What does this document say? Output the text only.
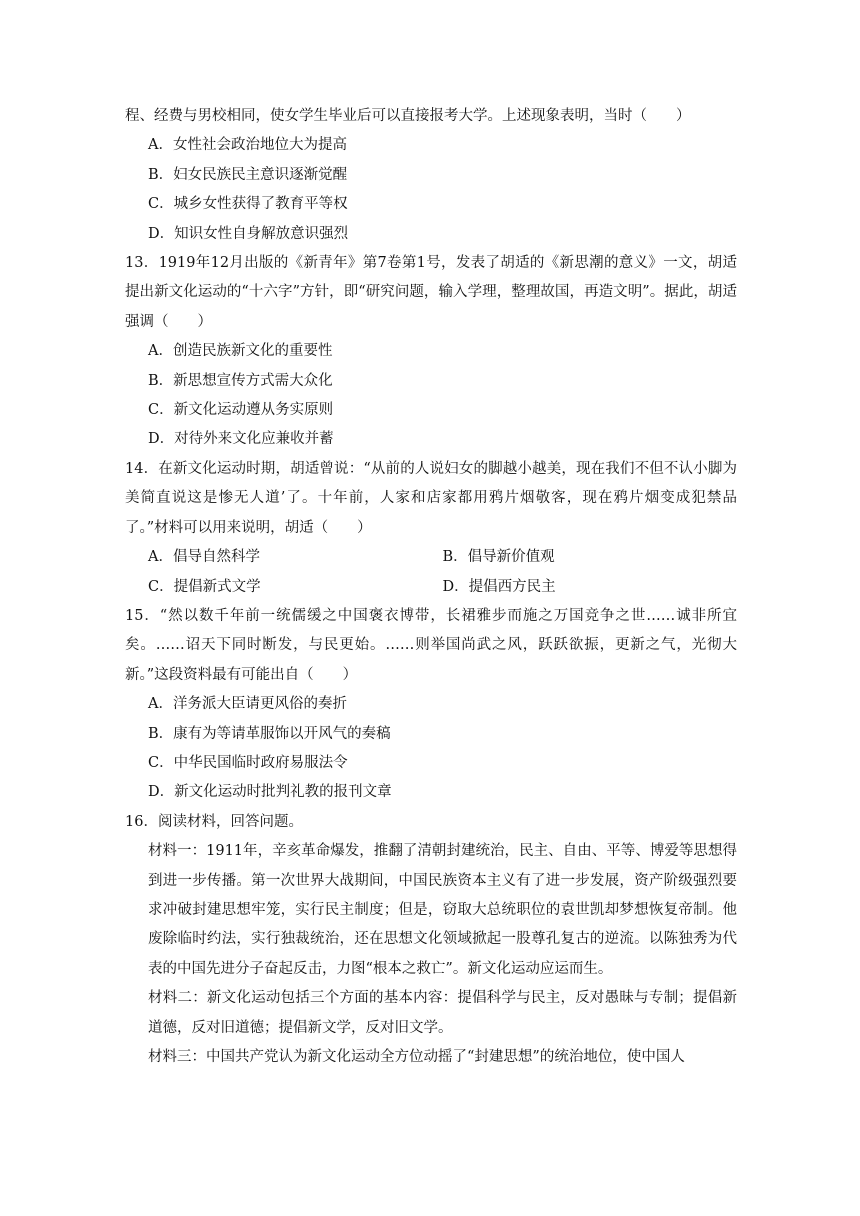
程、经费与男校相同，使女学生毕业后可以直接报考大学。上述现象表明，当时（　　）

A．女性社会政治地位大为提高

B．妇女民族民主意识逐渐觉醒

C．城乡女性获得了教育平等权

D．知识女性自身解放意识强烈

13．1919年12月出版的《新青年》第7卷第1号，发表了胡适的《新思潮的意义》一文，胡适提出新文化运动的“十六字”方针，即“研究问题，输入学理，整理故国，再造文明”。据此，胡适强调（　　）

A．创造民族新文化的重要性

B．新思想宣传方式需大众化

C．新文化运动遵从务实原则

D．对待外来文化应兼收并蓄

14．在新文化运动时期，胡适曾说：“从前的人说妇女的脚越小越美，现在我们不但不认小脚为美简直说这是惨无人道’了。十年前，人家和店家都用鸦片烟敬客，现在鸦片烟变成犯禁品了。”材料可以用来说明，胡适（　　）

A．倡导自然科学	B．倡导新价值观
C．提倡新式文学	D．提倡西方民主

15．“然以数千年前一统儒缓之中国褒衣博带，长裙雅步而施之万国竞争之世……诚非所宜矣。……诏天下同时断发，与民更始。……则举国尚武之风，跃跃欲振，更新之气，光彻大新。”这段资料最有可能出自（　　）

A．洋务派大臣请更风俗的奏折

B．康有为等请革服饰以开风气的奏稿

C．中华民国临时政府易服法令

D．新文化运动时批判礼教的报刊文章

16．阅读材料，回答问题。

材料一：1911年，辛亥革命爆发，推翻了清朝封建统治，民主、自由、平等、博爱等思想得到进一步传播。第一次世界大战期间，中国民族资本主义有了进一步发展，资产阶级强烈要求冲破封建思想牢笼，实行民主制度；但是，窃取大总统职位的袁世凯却梦想恢复帝制。他废除临时约法，实行独裁统治，还在思想文化领域掀起一股尊孔复古的逆流。以陈独秀为代表的中国先进分子奋起反击，力图“根本之救亡”。新文化运动应运而生。

材料二：新文化运动包括三个方面的基本内容：提倡科学与民主，反对愚昧与专制；提倡新道德，反对旧道德；提倡新文学，反对旧文学。

材料三：中国共产党认为新文化运动全方位动摇了“封建思想”的统治地位，使中国人
